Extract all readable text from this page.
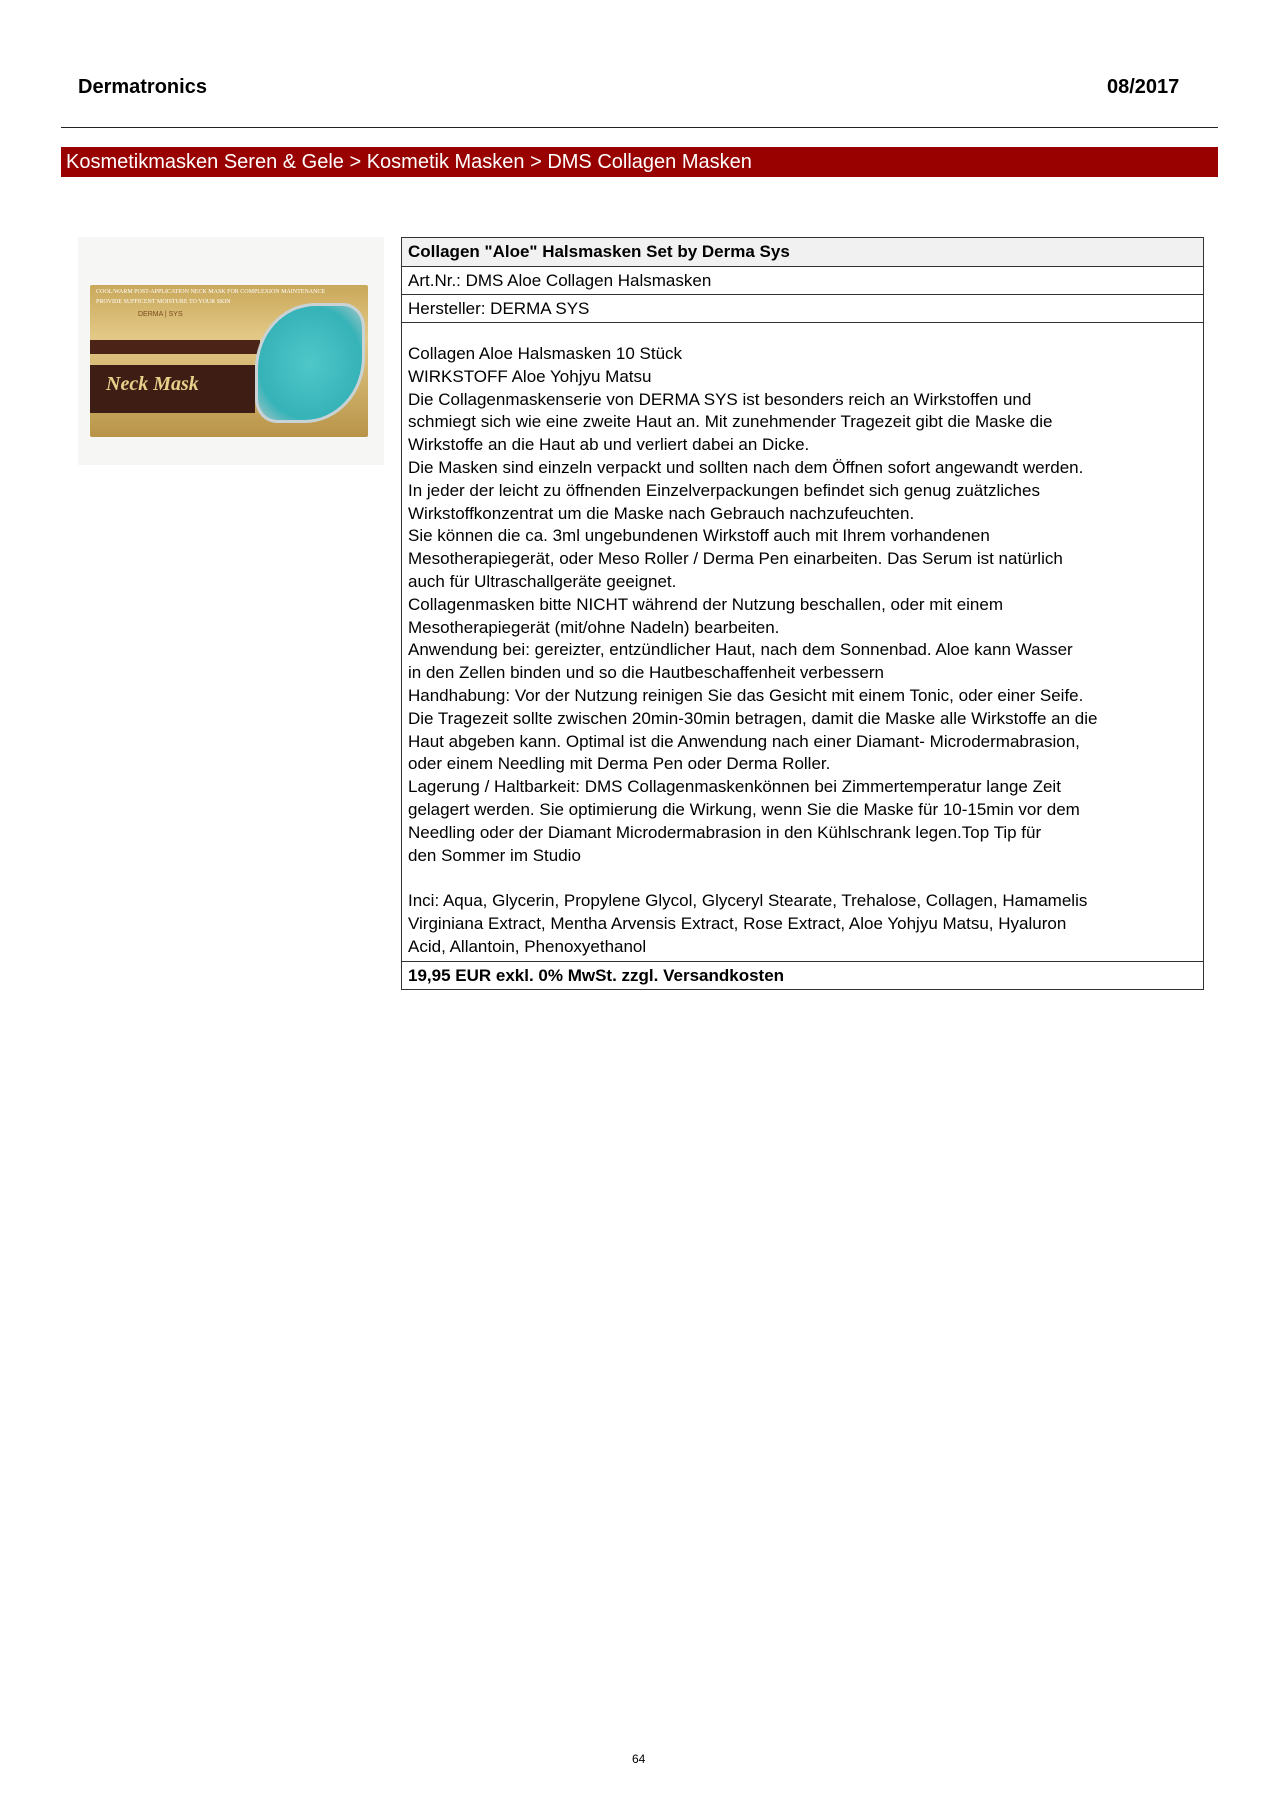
Dermatronics	08/2017
Kosmetikmasken Seren & Gele > Kosmetik Masken > DMS Collagen Masken
COOL/WARM POST-APPLICATION NECK MASK FOR COMPLEXION MAINTENANCE
PROVIDE SUFFICENT MOISTURE TO YOUR SKIN
DERMA | SYS
Neck Mask
Collagen "Aloe" Halsmasken Set by Derma Sys
Art.Nr.: DMS Aloe Collagen Halsmasken
Hersteller: DERMA SYS

Collagen Aloe Halsmasken 10 Stück

WIRKSTOFF Aloe Yohjyu Matsu

Die Collagenmaskenserie von DERMA SYS ist besonders reich an Wirkstoffen und

schmiegt sich wie eine zweite Haut an. Mit zunehmender Tragezeit gibt die Maske die

Wirkstoffe an die Haut ab und verliert dabei an Dicke.

Die Masken sind einzeln verpackt und sollten nach dem Öffnen sofort angewandt werden.

In jeder der leicht zu öffnenden Einzelverpackungen befindet sich genug zuätzliches

Wirkstoffkonzentrat um die Maske nach Gebrauch nachzufeuchten.

Sie können die ca. 3ml ungebundenen Wirkstoff auch mit Ihrem vorhandenen

Mesotherapiegerät, oder Meso Roller / Derma Pen einarbeiten. Das Serum ist natürlich

auch für Ultraschallgeräte geeignet.

Collagenmasken bitte NICHT während der Nutzung beschallen, oder mit einem

Mesotherapiegerät (mit/ohne Nadeln) bearbeiten.

Anwendung bei: gereizter, entzündlicher Haut, nach dem Sonnenbad. Aloe kann Wasser

in den Zellen binden und so die Hautbeschaffenheit verbessern

Handhabung: Vor der Nutzung reinigen Sie das Gesicht mit einem Tonic, oder einer Seife.

Die Tragezeit sollte zwischen 20min-30min betragen, damit die Maske alle Wirkstoffe an die

Haut abgeben kann. Optimal ist die Anwendung nach einer Diamant- Microdermabrasion,

oder einem Needling mit Derma Pen oder Derma Roller.

Lagerung / Haltbarkeit: DMS Collagenmaskenkönnen bei Zimmertemperatur lange Zeit

gelagert werden. Sie optimierung die Wirkung, wenn Sie die Maske für 10-15min vor dem

Needling oder der Diamant Microdermabrasion in den Kühlschrank legen.Top Tip für

den Sommer im Studio

Inci: Aqua, Glycerin, Propylene Glycol, Glyceryl Stearate, Trehalose, Collagen, Hamamelis

Virginiana Extract, Mentha Arvensis Extract, Rose Extract, Aloe Yohjyu Matsu, Hyaluron

Acid, Allantoin, Phenoxyethanol

19,95 EUR exkl. 0% MwSt. zzgl. Versandkosten
64
